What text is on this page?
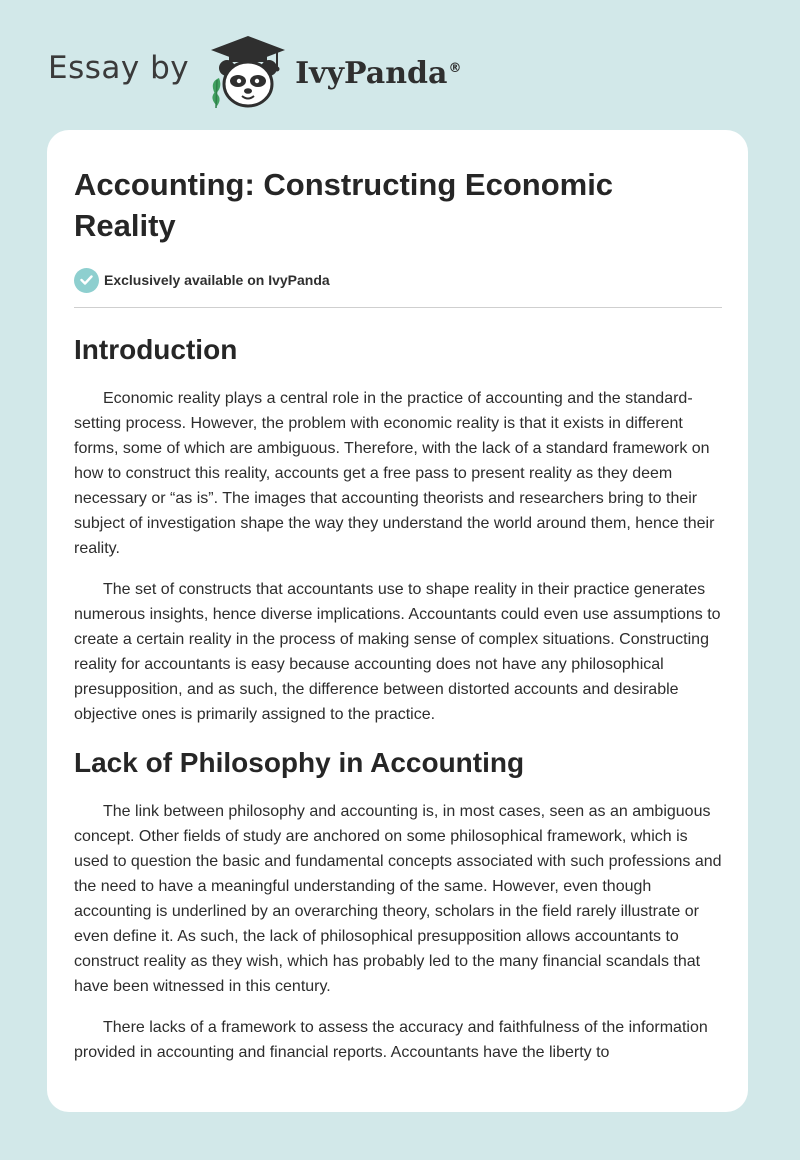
Essay by	IvyPanda®
Accounting: Constructing Economic Reality
Exclusively available on IvyPanda
Introduction

Economic reality plays a central role in the practice of accounting and the standard-setting process. However, the problem with economic reality is that it exists in different forms, some of which are ambiguous. Therefore, with the lack of a standard framework on how to construct this reality, accounts get a free pass to present reality as they deem necessary or “as is”. The images that accounting theorists and researchers bring to their subject of investigation shape the way they understand the world around them, hence their reality.

The set of constructs that accountants use to shape reality in their practice generates numerous insights, hence diverse implications. Accountants could even use assumptions to create a certain reality in the process of making sense of complex situations. Constructing reality for accountants is easy because accounting does not have any philosophical presupposition, and as such, the difference between distorted accounts and desirable objective ones is primarily assigned to the practice.

Lack of Philosophy in Accounting

The link between philosophy and accounting is, in most cases, seen as an ambiguous concept. Other fields of study are anchored on some philosophical framework, which is used to question the basic and fundamental concepts associated with such professions and the need to have a meaningful understanding of the same. However, even though accounting is underlined by an overarching theory, scholars in the field rarely illustrate or even define it. As such, the lack of philosophical presupposition allows accountants to construct reality as they wish, which has probably led to the many financial scandals that have been witnessed in this century.

There lacks of a framework to assess the accuracy and faithfulness of the information provided in accounting and financial reports. Accountants have the liberty to
